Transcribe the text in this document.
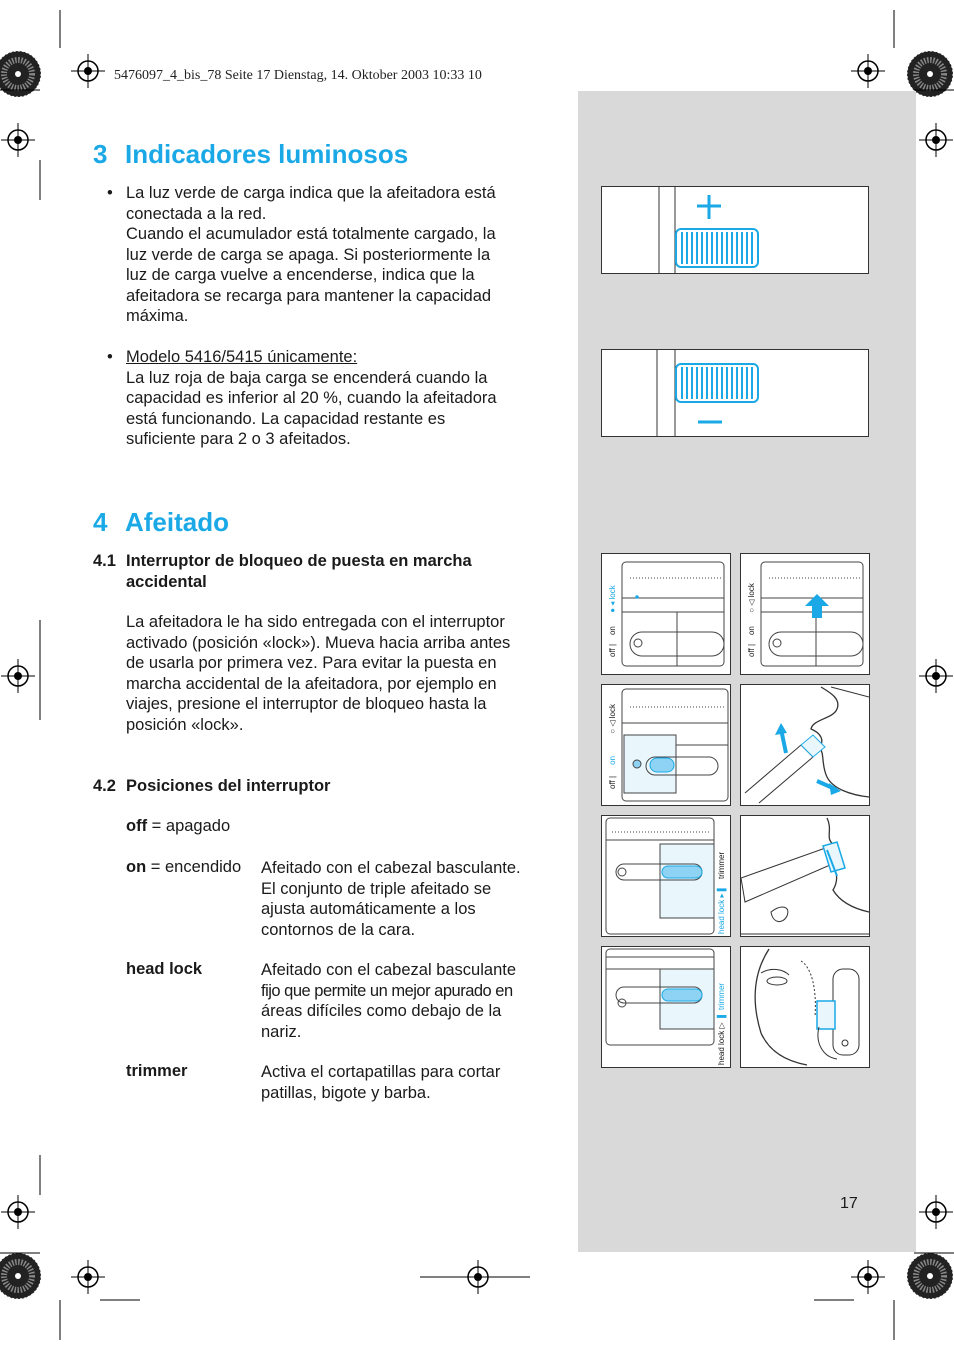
5476097_4_bis_78 Seite 17 Dienstag, 14. Oktober 2003 10:33 10
3 Indicadores luminosos
• La luz verde de carga indica que la afeitadora está
conectada a la red.
Cuando el acumulador está totalmente cargado, la
luz verde de carga se apaga. Si posteriormente la
luz de carga vuelve a encenderse, indica que la
afeitadora se recarga para mantener la capacidad
máxima.
• Modelo 5416/5415 únicamente:
La luz roja de baja carga se encenderá cuando la
capacidad es inferior al 20 %, cuando la afeitadora
está funcionando. La capacidad restante es
suficiente para 2 o 3 afeitados.
4 Afeitado
4.1 Interruptor de bloqueo de puesta en marcha
accidental
La afeitadora le ha sido entregada con el interruptor
activado (posición «lock»). Mueva hacia arriba antes
de usarla por primera vez. Para evitar la puesta en
marcha accidental de la afeitadora, por ejemplo en
viajes, presione el interruptor de bloqueo hasta la
posición «lock».
4.2 Posiciones del interruptor
off = apagado
on = encendido Afeitado con el cabezal basculante.
El conjunto de triple afeitado se
ajusta automáticamente a los
contornos de la cara.
head lock	Afeitado con el cabezal basculante
fijo que permite un mejor apurado en
áreas difíciles como debajo de la
nariz.
trimmer	Activa el cortapatillas para cortar
patillas, bigote y barba.
off |    on      ● ◂ lock
off |    on      ○ ◁ lock
off |     on          ○ ◁ lock
head lock ▸ ▌   trimmer
head lock ▷  ▌ trimmer
17
